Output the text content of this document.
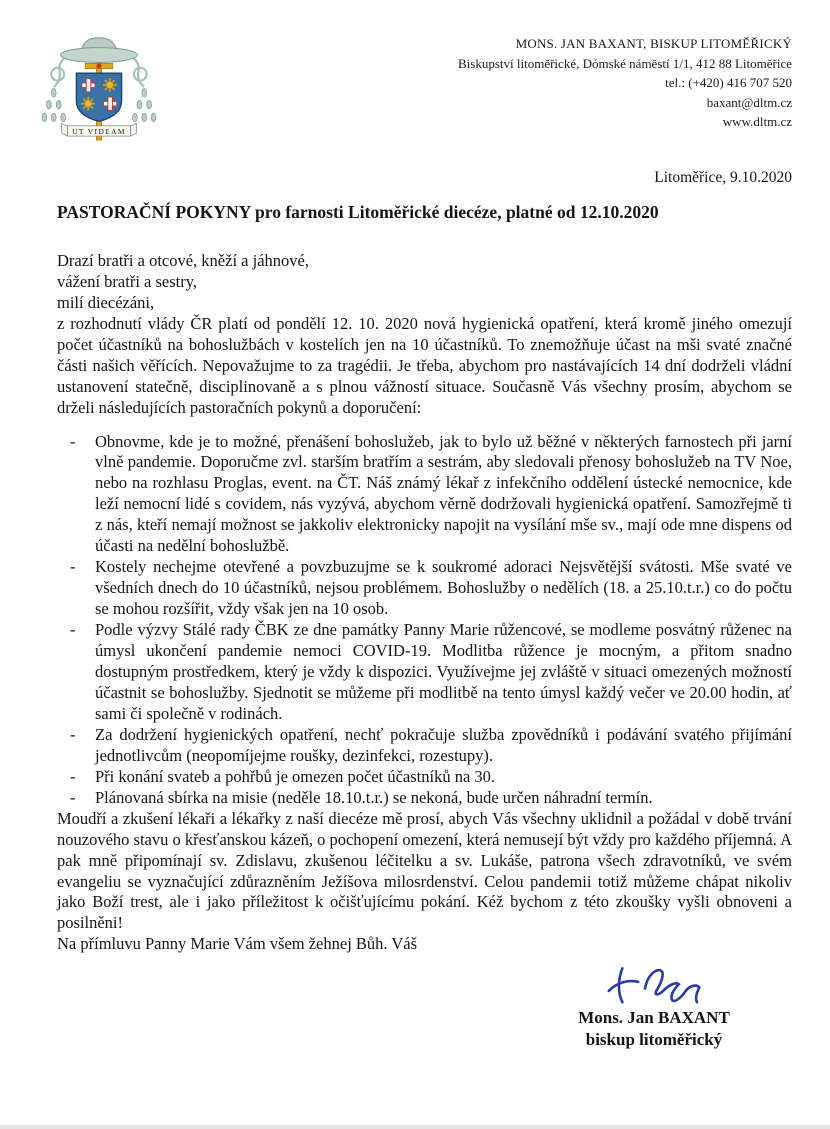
UT VIDEAM
MONS. JAN BAXANT, BISKUP LITOMĚŘICKÝ
Biskupství litoměřické, Dómské náměstí 1/1, 412 88 Litoměřice
tel.: (+420) 416 707 520
baxant@dltm.cz
www.dltm.cz
Litoměřice, 9.10.2020
PASTORAČNÍ POKYNY pro farnosti Litoměřické diecéze, platné od 12.10.2020
Drazí bratři a otcové, kněží a jáhnové,
vážení bratři a sestry,
milí diecézáni,

z rozhodnutí vlády ČR platí od pondělí 12. 10. 2020 nová hygienická opatření, která kromě jiného omezují počet účastníků na bohoslužbách v kostelích jen na 10 účastníků. To znemožňuje účast na mši svaté značné části našich věřících. Nepovažujme to za tragédii. Je třeba, abychom pro nastávajících 14 dní dodrželi vládní ustanovení statečně, disciplinovaně a s plnou vážností situace. Současně Vás všechny prosím, abychom se drželi následujících pastoračních pokynů a doporučení:

- Obnovme, kde je to možné, přenášení bohoslužeb, jak to bylo už běžné v některých farnostech při jarní vlně pandemie. Doporučme zvl. starším bratřím a sestrám, aby sledovali přenosy bohoslužeb na TV Noe, nebo na rozhlasu Proglas, event. na ČT. Náš známý lékař z infekčního oddělení ústecké nemocnice, kde leží nemocní lidé s covidem, nás vyzývá, abychom věrně dodržovali hygienická opatření. Samozřejmě ti z nás, kteří nemají možnost se jakkoliv elektronicky napojit na vysílání mše sv., mají ode mne dispens od účasti na nedělní bohoslužbě.
- Kostely nechejme otevřené a povzbuzujme se k soukromé adoraci Nejsvětější svátosti. Mše svaté ve všedních dnech do 10 účastníků, nejsou problémem. Bohoslužby o nedělích (18. a 25.10.t.r.) co do počtu se mohou rozšířit, vždy však jen na 10 osob.
- Podle výzvy Stálé rady ČBK ze dne památky Panny Marie růžencové, se modleme posvátný růženec na úmysl ukončení pandemie nemoci COVID-19. Modlitba růžence je mocným, a přitom snadno dostupným prostředkem, který je vždy k dispozici. Využívejme jej zvláště v situaci omezených možností účastnit se bohoslužby. Sjednotit se můžeme při modlitbě na tento úmysl každý večer ve 20.00 hodin, ať sami či společně v rodinách.
- Za dodržení hygienických opatření, nechť pokračuje služba zpovědníků i podávání svatého přijímání jednotlivcům (neopomíjejme roušky, dezinfekci, rozestupy).
- Při konání svateb a pohřbů je omezen počet účastníků na 30.
- Plánovaná sbírka na misie (neděle 18.10.t.r.) se nekoná, bude určen náhradní termín.

Moudří a zkušení lékaři a lékařky z naší diecéze mě prosí, abych Vás všechny uklidnil a požádal v době trvání nouzového stavu o křesťanskou kázeň, o pochopení omezení, která nemusejí být vždy pro každého příjemná. A pak mně připomínají sv. Zdislavu, zkušenou léčitelku a sv. Lukáše, patrona všech zdravotníků, ve svém evangeliu se vyznačující zdůrazněním Ježíšova milosrdenství. Celou pandemii totiž můžeme chápat nikoliv jako Boží trest, ale i jako příležitost k očišťujícímu pokání. Kéž bychom z této zkoušky vyšli obnoveni a posilněni!

Na přímluvu Panny Marie Vám všem žehnej Bůh. Váš

Mons. Jan BAXANT
biskup litoměřický
